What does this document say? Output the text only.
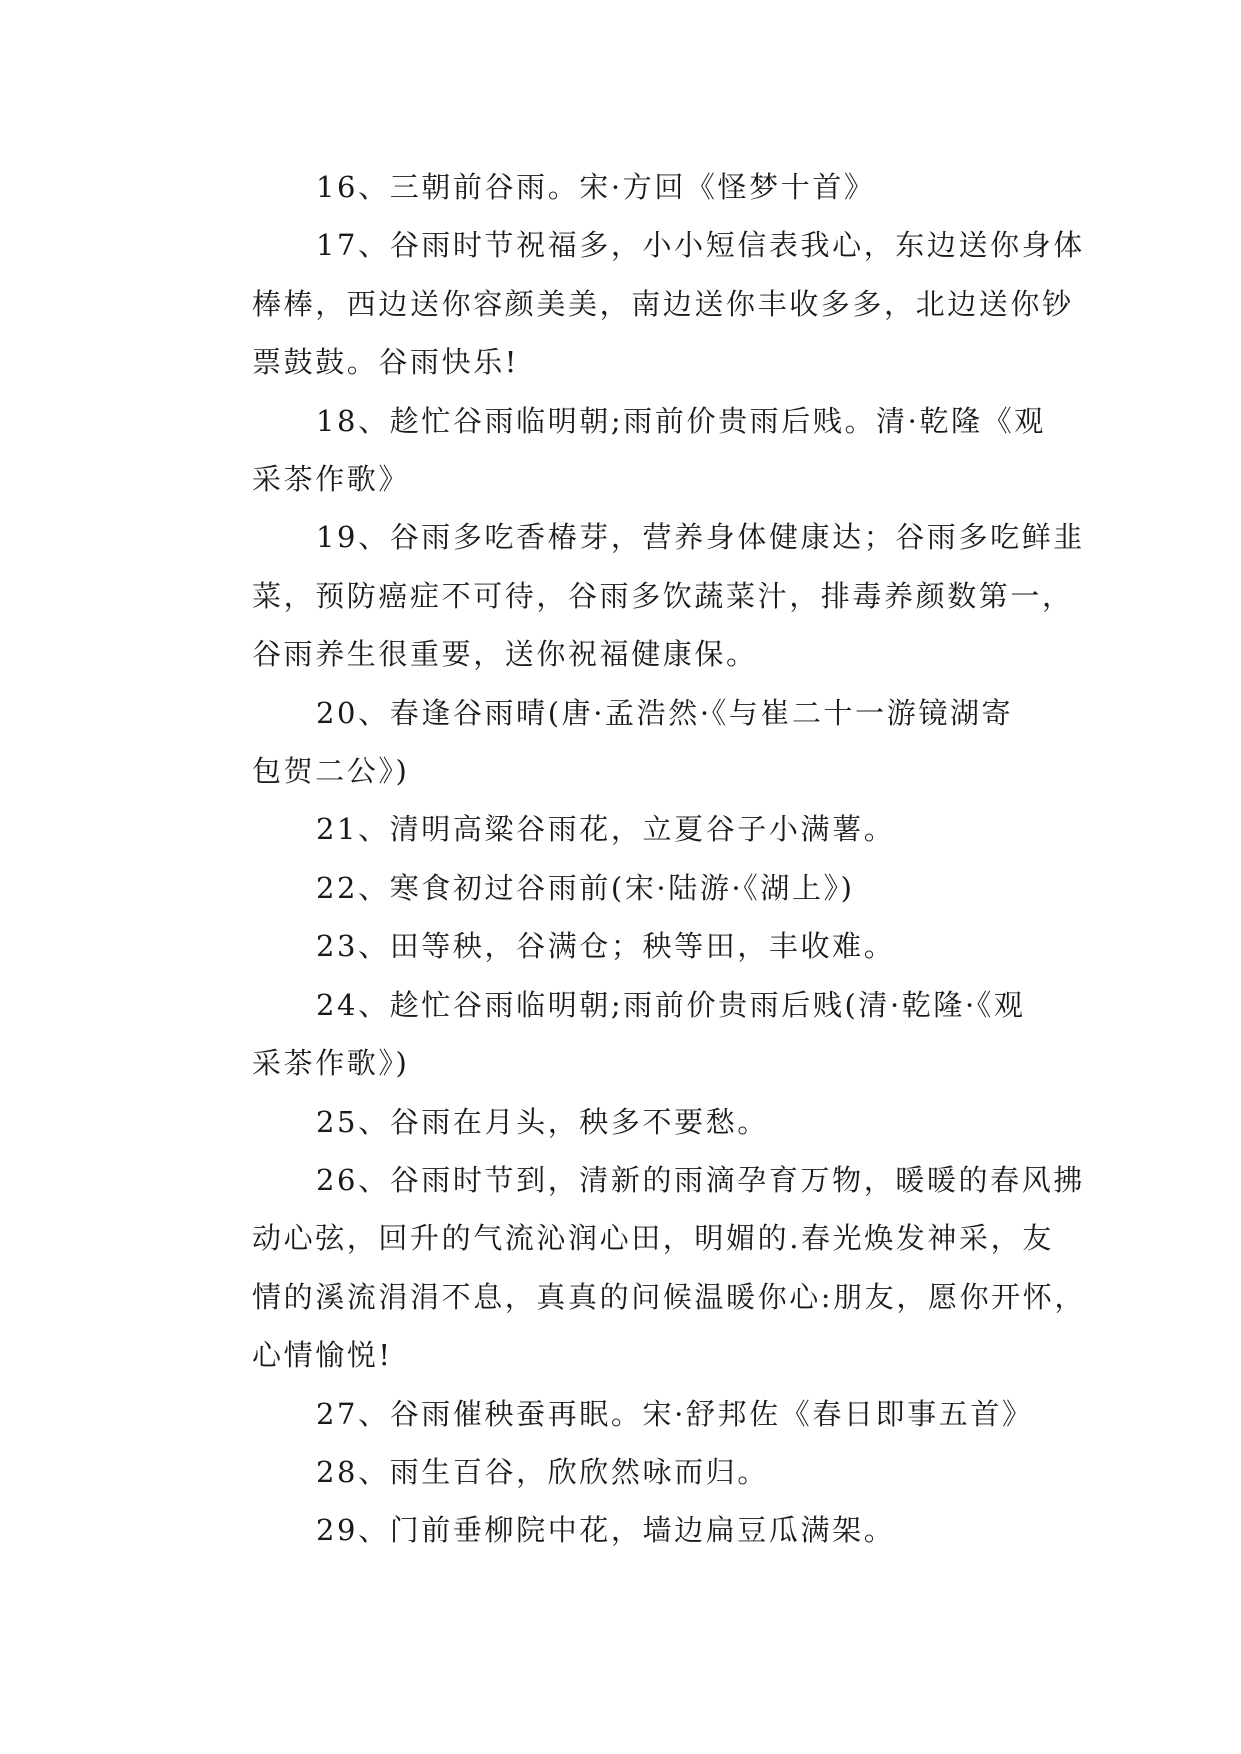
16、三朝前谷雨。宋·方回《怪梦十首》
17、谷雨时节祝福多，小小短信表我心，东边送你身体
棒棒，西边送你容颜美美，南边送你丰收多多，北边送你钞
票鼓鼓。谷雨快乐!
18、趁忙谷雨临明朝;雨前价贵雨后贱。清·乾隆《观
采茶作歌》
19、谷雨多吃香椿芽，营养身体健康达；谷雨多吃鲜韭
菜，预防癌症不可待，谷雨多饮蔬菜汁，排毒养颜数第一，
谷雨养生很重要，送你祝福健康保。
20、春逢谷雨晴(唐·孟浩然·《与崔二十一游镜湖寄
包贺二公》)
21、清明高粱谷雨花，立夏谷子小满薯。
22、寒食初过谷雨前(宋·陆游·《湖上》)
23、田等秧，谷满仓；秧等田，丰收难。
24、趁忙谷雨临明朝;雨前价贵雨后贱(清·乾隆·《观
采茶作歌》)
25、谷雨在月头，秧多不要愁。
26、谷雨时节到，清新的雨滴孕育万物，暖暖的春风拂
动心弦，回升的气流沁润心田，明媚的.春光焕发神采，友
情的溪流涓涓不息，真真的问候温暖你心:朋友，愿你开怀，
心情愉悦!
27、谷雨催秧蚕再眠。宋·舒邦佐《春日即事五首》
28、雨生百谷，欣欣然咏而归。
29、门前垂柳院中花，墙边扁豆瓜满架。
